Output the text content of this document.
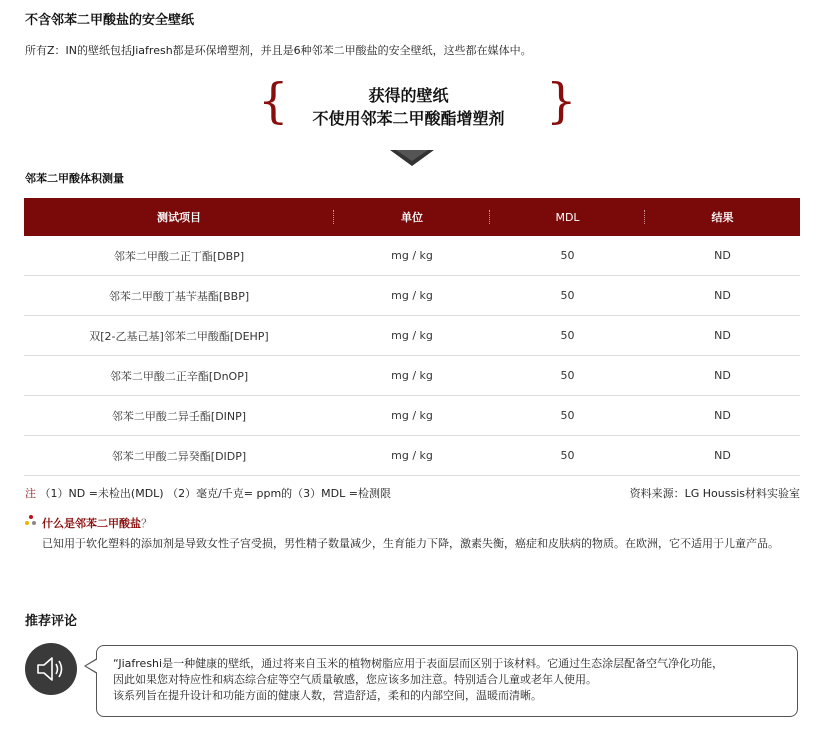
不含邻苯二甲酸盐的安全壁纸
所有Z：IN的壁纸包括Jiafresh都是环保增塑剂，并且是6种邻苯二甲酸盐的安全壁纸，这些都在媒体中。
{	获得的壁纸
不使用邻苯二甲酸酯增塑剂 }
邻苯二甲酸体积测量
测试项目	单位	MDL	结果
邻苯二甲酸二正丁酯[DBP]	mg / kg	50	ND
邻苯二甲酸丁基苄基酯[BBP]	mg / kg	50	ND
双[2-乙基己基]邻苯二甲酸酯[DEHP]	mg / kg	50	ND
邻苯二甲酸二正辛酯[DnOP]	mg / kg	50	ND
邻苯二甲酸二异壬酯[DINP]	mg / kg	50	ND
邻苯二甲酸二异癸酯[DIDP]	mg / kg	50	ND
注 （1）ND =未检出(MDL) （2）毫克/千克= ppm的（3）MDL =检测限	资料来源：LG Houssis材料实验室
什么是邻苯二甲酸盐？
已知用于软化塑料的添加剂是导致女性子宫受损，男性精子数量减少，生育能力下降，激素失衡，癌症和皮肤病的物质。在欧洲，它不适用于儿童产品。
推荐评论
“Jiafreshi是一种健康的壁纸，通过将来自玉米的植物树脂应用于表面层而区别于该材料。它通过生态涂层配备空气净化功能，
因此如果您对特应性和病态综合症等空气质量敏感，您应该多加注意。特别适合儿童或老年人使用。
该系列旨在提升设计和功能方面的健康人数，营造舒适，柔和的内部空间，温暖而清晰。
